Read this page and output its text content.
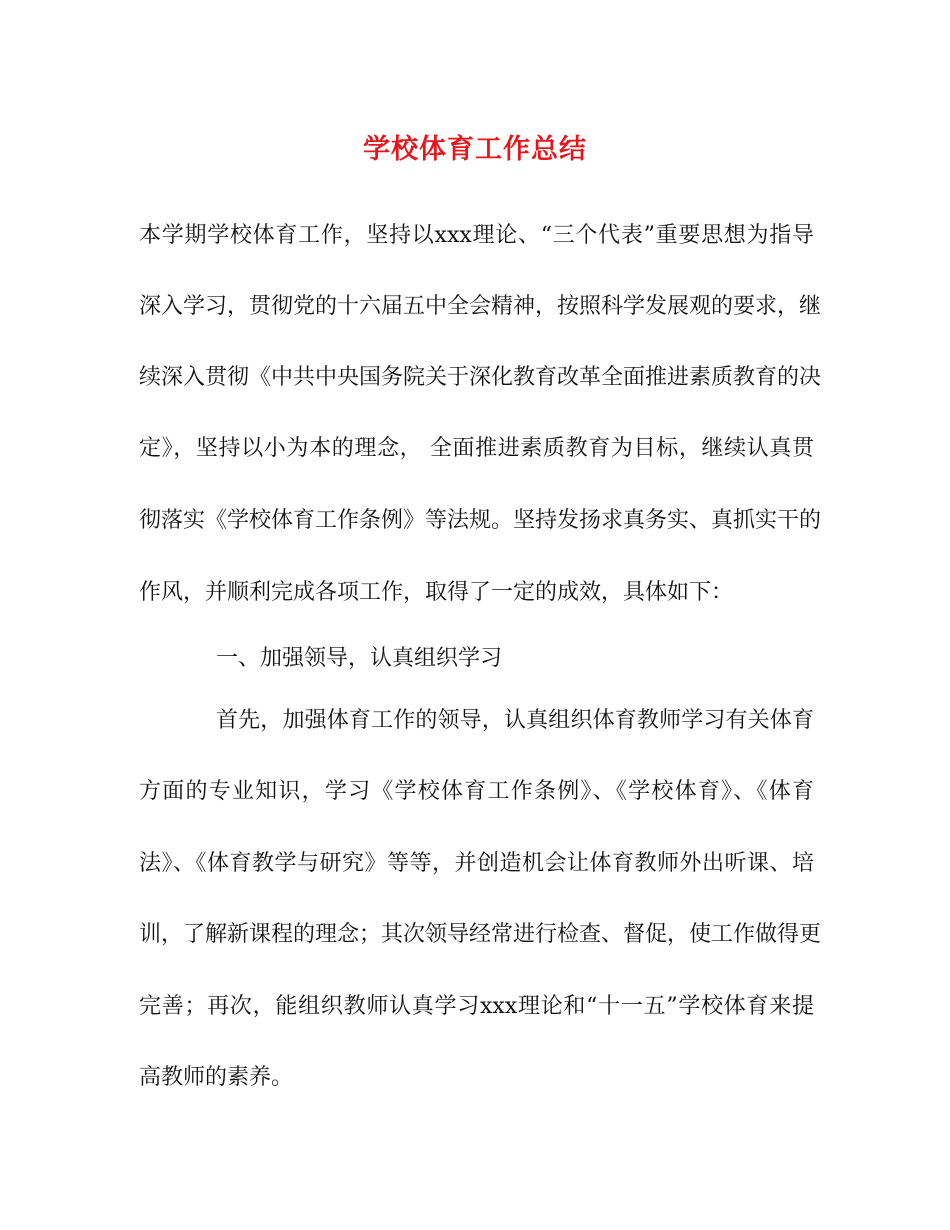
学校体育工作总结
本学期学校体育工作，坚持以xxx理论、“三个代表”重要思想为指导
深入学习，贯彻党的十六届五中全会精神，按照科学发展观的要求，继
续深入贯彻《中共中央国务院关于深化教育改革全面推进素质教育的决
定》，坚持以小为本的理念， 全面推进素质教育为目标，继续认真贯
彻落实《学校体育工作条例》等法规。坚持发扬求真务实、真抓实干的
作风，并顺利完成各项工作，取得了一定的成效，具体如下：
一、加强领导，认真组织学习
首先，加强体育工作的领导，认真组织体育教师学习有关体育
方面的专业知识，学习《学校体育工作条例》、《学校体育》、《体育
法》、《体育教学与研究》等等，并创造机会让体育教师外出听课、培
训，了解新课程的理念；其次领导经常进行检查、督促，使工作做得更
完善；再次，能组织教师认真学习xxx理论和“十一五”学校体育来提
高教师的素养。
